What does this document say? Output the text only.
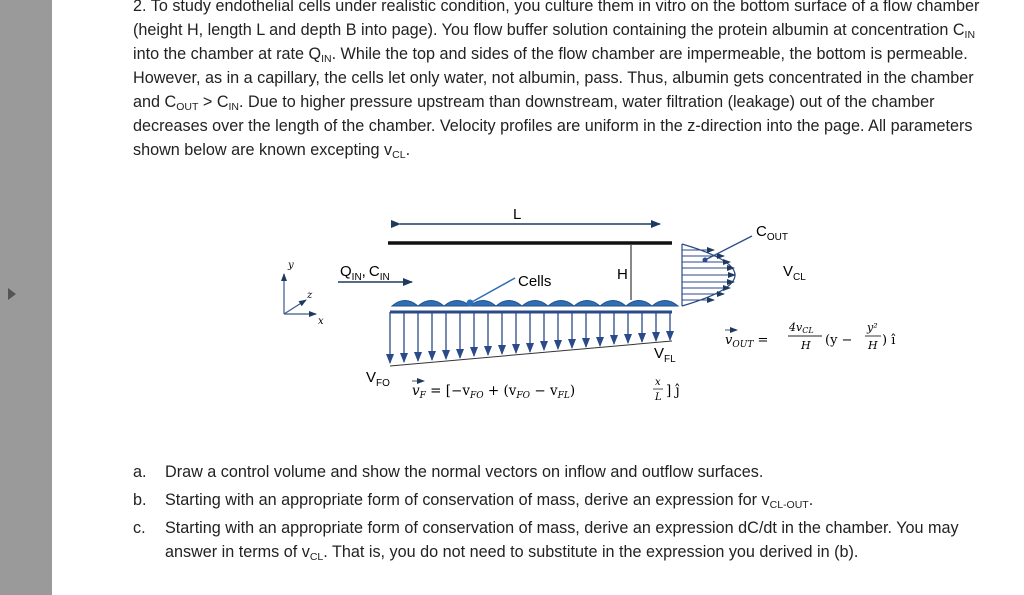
2. To study endothelial cells under realistic condition, you culture them in vitro on the bottom surface of a flow chamber (height H, length L and depth B into page). You flow buffer solution containing the protein albumin at concentration $C_{IN}$ into the chamber at rate $Q_{IN}$. While the top and sides of the flow chamber are impermeable, the bottom is permeable. However, as in a capillary, the cells let only water, not albumin, pass. Thus, albumin gets concentrated in the chamber and $C_{OUT} > C_{IN}$. Due to higher pressure upstream than downstream, water filtration (leakage) out of the chamber decreases over the length of the chamber. Velocity profiles are uniform in the z-direction into the page. All parameters shown below are known excepting $v_{CL}$.

y
z
x
L
H
$Q_{IN}$, $C_{IN}$	Cells
$V_{FO}$
$V_{FL}$
$C_{OUT}$
$V_{CL}$
$v_{OUT}$ =
4vCL
H (y −
y²
H ) î
$v_F = [-v_{FO} + (v_{FO} - v_{FL})$
x
L ] ĵ
a. Draw a control volume and show the normal vectors on inflow and outflow surfaces.
b. Starting with an appropriate form of conservation of mass, derive an expression for $v_{CL-OUT}$.
c. Starting with an appropriate form of conservation of mass, derive an expression dC/dt in the chamber. You may answer in terms of $v_{CL}$. That is, you do not need to substitute in the expression you derived in (b).
